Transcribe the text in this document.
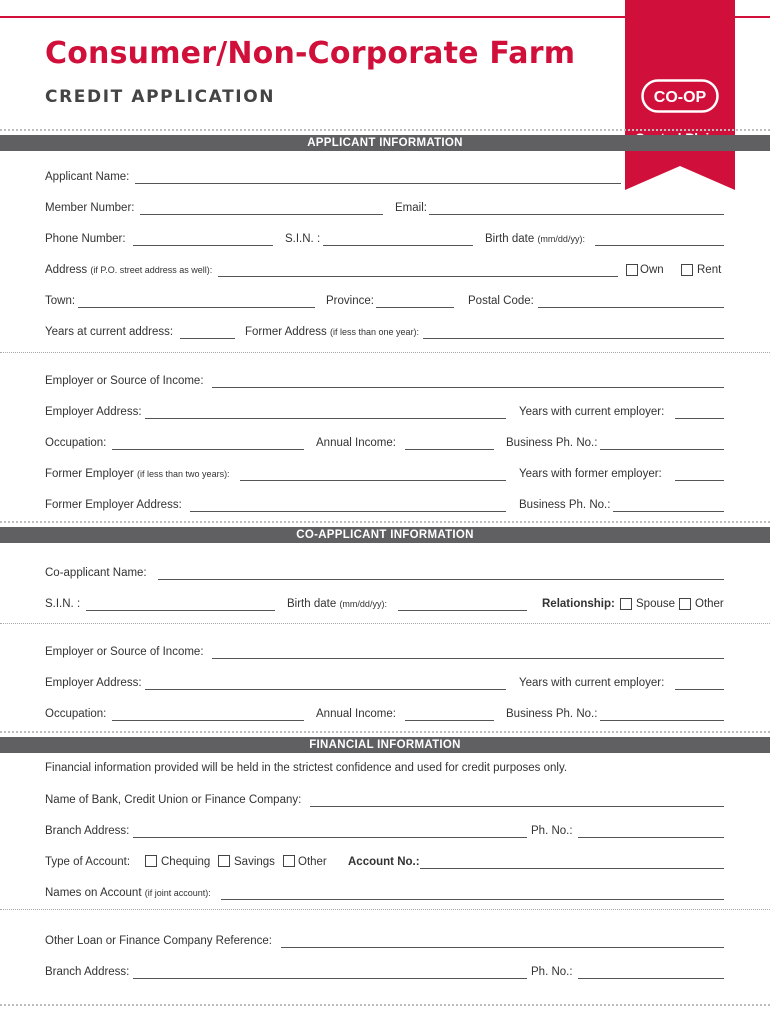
Consumer/Non-Corporate Farm
CREDIT APPLICATION	CO-OP
APPLICANT INFORMATION
Applicant Name:
Member Number:	Email:
Phone Number:	S.I.N. :	Birth date (mm/dd/yy):
Address (if P.O. street address as well):	Own	Rent
Town:	Province:	Postal Code:
Years at current address:	Former Address (if less than one year):
Employer or Source of Income:
Employer Address:	Years with current employer:
Occupation:	Annual Income:	Business Ph. No.:
Former Employer (if less than two years):	Years with former employer:
Former Employer Address:	Business Ph. No.:
CO-APPLICANT INFORMATION
Co-applicant Name:
S.I.N. :	Birth date (mm/dd/yy):	Relationship: Spouse Other
Employer or Source of Income:
Employer Address:	Years with current employer:
Occupation:	Annual Income:	Business Ph. No.:
FINANCIAL INFORMATION
Financial information provided will be held in the strictest confidence and used for credit purposes only.
Name of Bank, Credit Union or Finance Company:
Branch Address:	Ph. No.:
Type of Account:	Chequing Savings Other Account No.:
Names on Account (if joint account):
Other Loan or Finance Company Reference:
Branch Address:	Ph. No.:
